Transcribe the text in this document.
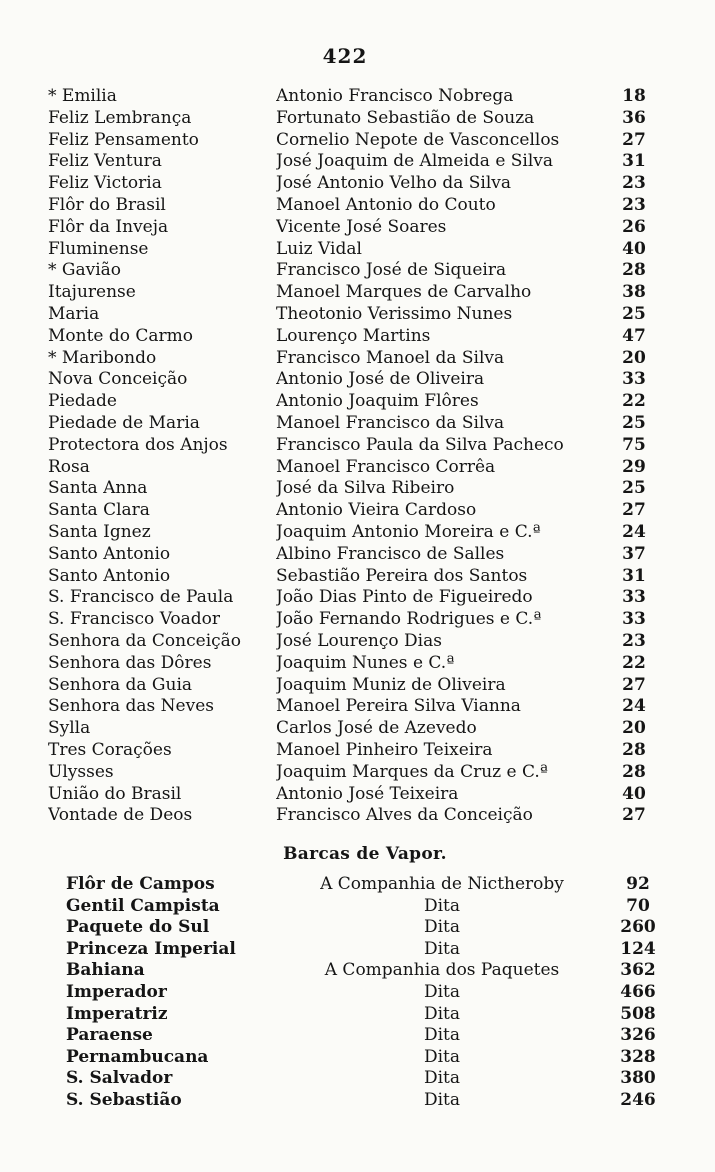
422
* Emilia	Antonio Francisco Nobrega	18
Feliz Lembrança	Fortunato Sebastião de Souza	36
Feliz Pensamento	Cornelio Nepote de Vasconcellos	27
Feliz Ventura	José Joaquim de Almeida e Silva	31
Feliz Victoria	José Antonio Velho da Silva	23
Flôr do Brasil	Manoel Antonio do Couto	23
Flôr da Inveja	Vicente José Soares	26
Fluminense	Luiz Vidal	40
* Gavião	Francisco José de Siqueira	28
Itajurense	Manoel Marques de Carvalho	38
Maria	Theotonio Verissimo Nunes	25
Monte do Carmo	Lourenço Martins	47
* Maribondo	Francisco Manoel da Silva	20
Nova Conceição	Antonio José de Oliveira	33
Piedade	Antonio Joaquim Flôres	22
Piedade de Maria	Manoel Francisco da Silva	25
Protectora dos Anjos	Francisco Paula da Silva Pacheco	75
Rosa	Manoel Francisco Corrêa	29
Santa Anna	José da Silva Ribeiro	25
Santa Clara	Antonio Vieira Cardoso	27
Santa Ignez	Joaquim Antonio Moreira e C.ª	24
Santo Antonio	Albino Francisco de Salles	37
Santo Antonio	Sebastião Pereira dos Santos	31
S. Francisco de Paula	João Dias Pinto de Figueiredo	33
S. Francisco Voador	João Fernando Rodrigues e C.ª	33
Senhora da Conceição	José Lourenço Dias	23
Senhora das Dôres	Joaquim Nunes e C.ª	22
Senhora da Guia	Joaquim Muniz de Oliveira	27
Senhora das Neves	Manoel Pereira Silva Vianna	24
Sylla	Carlos José de Azevedo	20
Tres Corações	Manoel Pinheiro Teixeira	28
Ulysses	Joaquim Marques da Cruz e C.ª	28
União do Brasil	Antonio José Teixeira	40
Vontade de Deos	Francisco Alves da Conceição	27
Barcas de Vapor.
Flôr de Campos	A Companhia de Nictheroby	92
Gentil Campista	Dita	70
Paquete do Sul	Dita	260
Princeza Imperial	Dita	124
Bahiana	A Companhia dos Paquetes	362
Imperador	Dita	466
Imperatriz	Dita	508
Paraense	Dita	326
Pernambucana	Dita	328
S. Salvador	Dita	380
S. Sebastião	Dita	246
